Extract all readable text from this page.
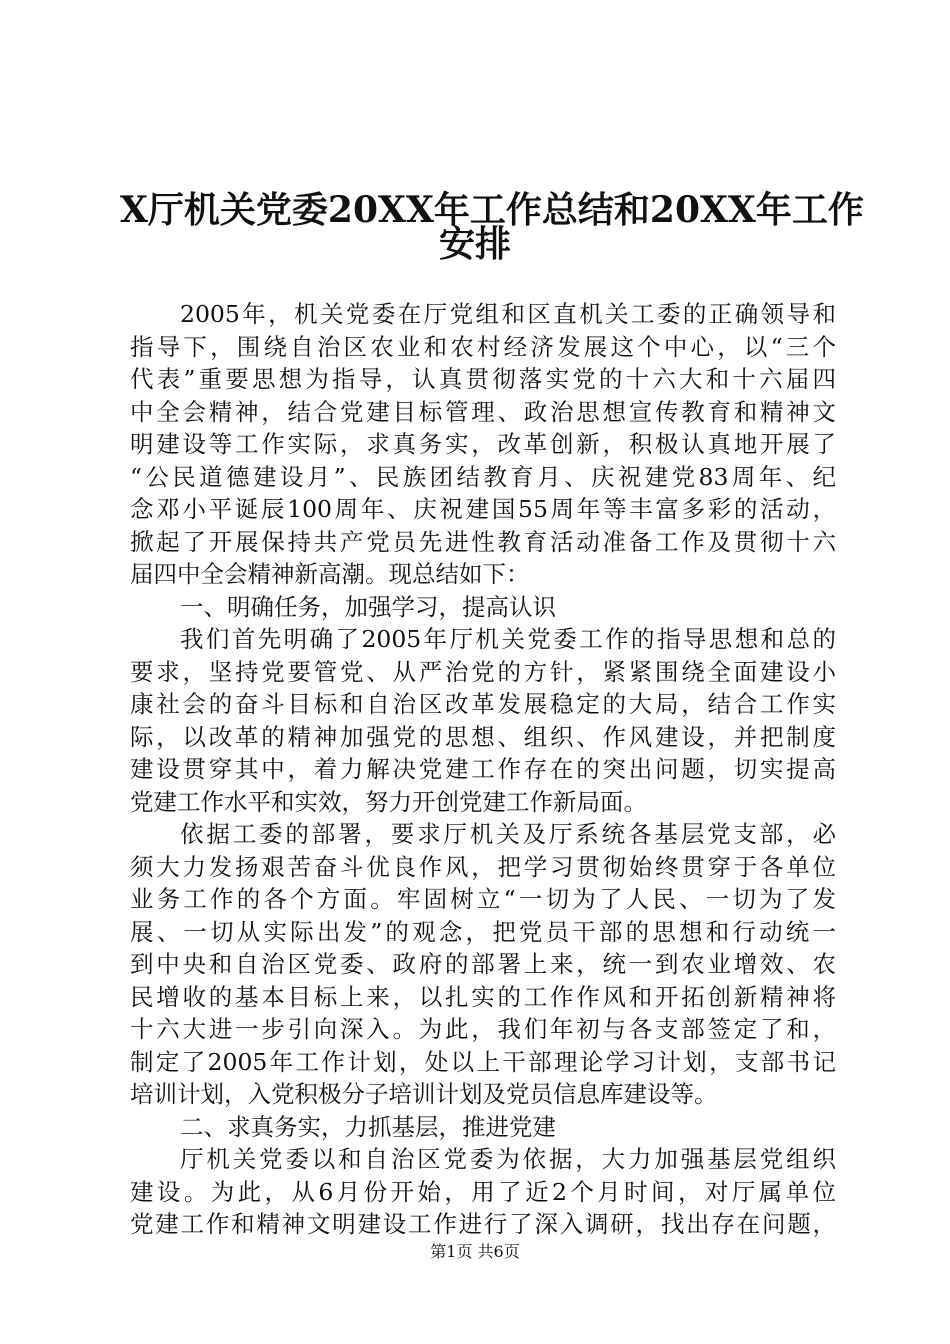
X厅机关党委20XX年工作总结和20XX年工作
安排
2005年，机关党委在厅党组和区直机关工委的正确领导和
指导下，围绕自治区农业和农村经济发展这个中心，以“三个
代表”重要思想为指导，认真贯彻落实党的十六大和十六届四
中全会精神，结合党建目标管理、政治思想宣传教育和精神文
明建设等工作实际，求真务实，改革创新，积极认真地开展了
“公民道德建设月”、民族团结教育月、庆祝建党83周年、纪
念邓小平诞辰100周年、庆祝建国55周年等丰富多彩的活动，
掀起了开展保持共产党员先进性教育活动准备工作及贯彻十六
届四中全会精神新高潮。现总结如下：
一、明确任务，加强学习，提高认识
我们首先明确了2005年厅机关党委工作的指导思想和总的
要求，坚持党要管党、从严治党的方针，紧紧围绕全面建设小
康社会的奋斗目标和自治区改革发展稳定的大局，结合工作实
际，以改革的精神加强党的思想、组织、作风建设，并把制度
建设贯穿其中，着力解决党建工作存在的突出问题，切实提高
党建工作水平和实效，努力开创党建工作新局面。
依据工委的部署，要求厅机关及厅系统各基层党支部，必
须大力发扬艰苦奋斗优良作风，把学习贯彻始终贯穿于各单位
业务工作的各个方面。牢固树立“一切为了人民、一切为了发
展、一切从实际出发”的观念，把党员干部的思想和行动统一
到中央和自治区党委、政府的部署上来，统一到农业增效、农
民增收的基本目标上来，以扎实的工作作风和开拓创新精神将
十六大进一步引向深入。为此，我们年初与各支部签定了和，
制定了2005年工作计划，处以上干部理论学习计划，支部书记
培训计划，入党积极分子培训计划及党员信息库建设等。
二、求真务实，力抓基层，推进党建
厅机关党委以和自治区党委为依据，大力加强基层党组织
建设。为此，从6月份开始，用了近2个月时间，对厅属单位
党建工作和精神文明建设工作进行了深入调研，找出存在问题，
第1页 共6页
